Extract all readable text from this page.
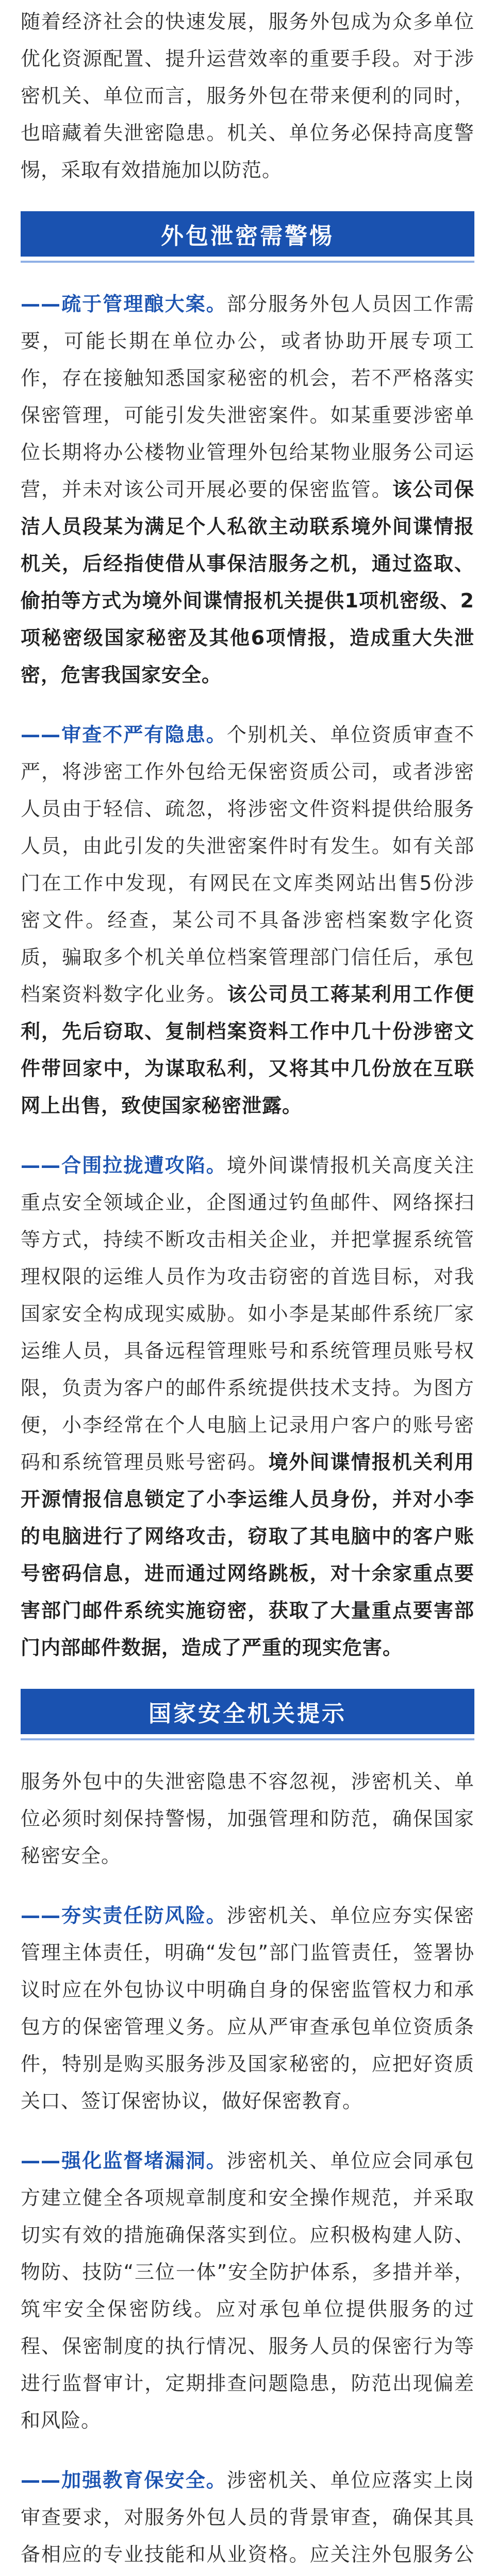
随着经济社会的快速发展，服务外包成为众多单位优化资源配置、提升运营效率的重要手段。对于涉密机关、单位而言，服务外包在带来便利的同时，也暗藏着失泄密隐患。机关、单位务必保持高度警惕，采取有效措施加以防范。

外包泄密需警惕

——疏于管理酿大案。部分服务外包人员因工作需要，可能长期在单位办公，或者协助开展专项工作，存在接触知悉国家秘密的机会，若不严格落实保密管理，可能引发失泄密案件。如某重要涉密单位长期将办公楼物业管理外包给某物业服务公司运营，并未对该公司开展必要的保密监管。该公司保洁人员段某为满足个人私欲主动联系境外间谍情报机关，后经指使借从事保洁服务之机，通过盗取、偷拍等方式为境外间谍情报机关提供1项机密级、2项秘密级国家秘密及其他6项情报，造成重大失泄密，危害我国家安全。

——审查不严有隐患。个别机关、单位资质审查不严，将涉密工作外包给无保密资质公司，或者涉密人员由于轻信、疏忽，将涉密文件资料提供给服务人员，由此引发的失泄密案件时有发生。如有关部门在工作中发现，有网民在文库类网站出售5份涉密文件。经查，某公司不具备涉密档案数字化资质，骗取多个机关单位档案管理部门信任后，承包档案资料数字化业务。该公司员工蒋某利用工作便利，先后窃取、复制档案资料工作中几十份涉密文件带回家中，为谋取私利，又将其中几份放在互联网上出售，致使国家秘密泄露。

——合围拉拢遭攻陷。境外间谍情报机关高度关注重点安全领域企业，企图通过钓鱼邮件、网络探扫等方式，持续不断攻击相关企业，并把掌握系统管理权限的运维人员作为攻击窃密的首选目标，对我国家安全构成现实威胁。如小李是某邮件系统厂家运维人员，具备远程管理账号和系统管理员账号权限，负责为客户的邮件系统提供技术支持。为图方便，小李经常在个人电脑上记录用户客户的账号密码和系统管理员账号密码。境外间谍情报机关利用开源情报信息锁定了小李运维人员身份，并对小李的电脑进行了网络攻击，窃取了其电脑中的客户账号密码信息，进而通过网络跳板，对十余家重点要害部门邮件系统实施窃密，获取了大量重点要害部门内部邮件数据，造成了严重的现实危害。

国家安全机关提示

服务外包中的失泄密隐患不容忽视，涉密机关、单位必须时刻保持警惕，加强管理和防范，确保国家秘密安全。

——夯实责任防风险。涉密机关、单位应夯实保密管理主体责任，明确“发包”部门监管责任，签署协议时应在外包协议中明确自身的保密监管权力和承包方的保密管理义务。应从严审查承包单位资质条件，特别是购买服务涉及国家秘密的，应把好资质关口、签订保密协议，做好保密教育。

——强化监督堵漏洞。涉密机关、单位应会同承包方建立健全各项规章制度和安全操作规范，并采取切实有效的措施确保落实到位。应积极构建人防、物防、技防“三位一体”安全防护体系，多措并举，筑牢安全保密防线。应对承包单位提供服务的过程、保密制度的执行情况、服务人员的保密行为等进行监督审计，定期排查问题隐患，防范出现偏差和风险。

——加强教育保安全。涉密机关、单位应落实上岗审查要求，对服务外包人员的背景审查，确保其具备相应的专业技能和从业资格。应关注外包服务公
